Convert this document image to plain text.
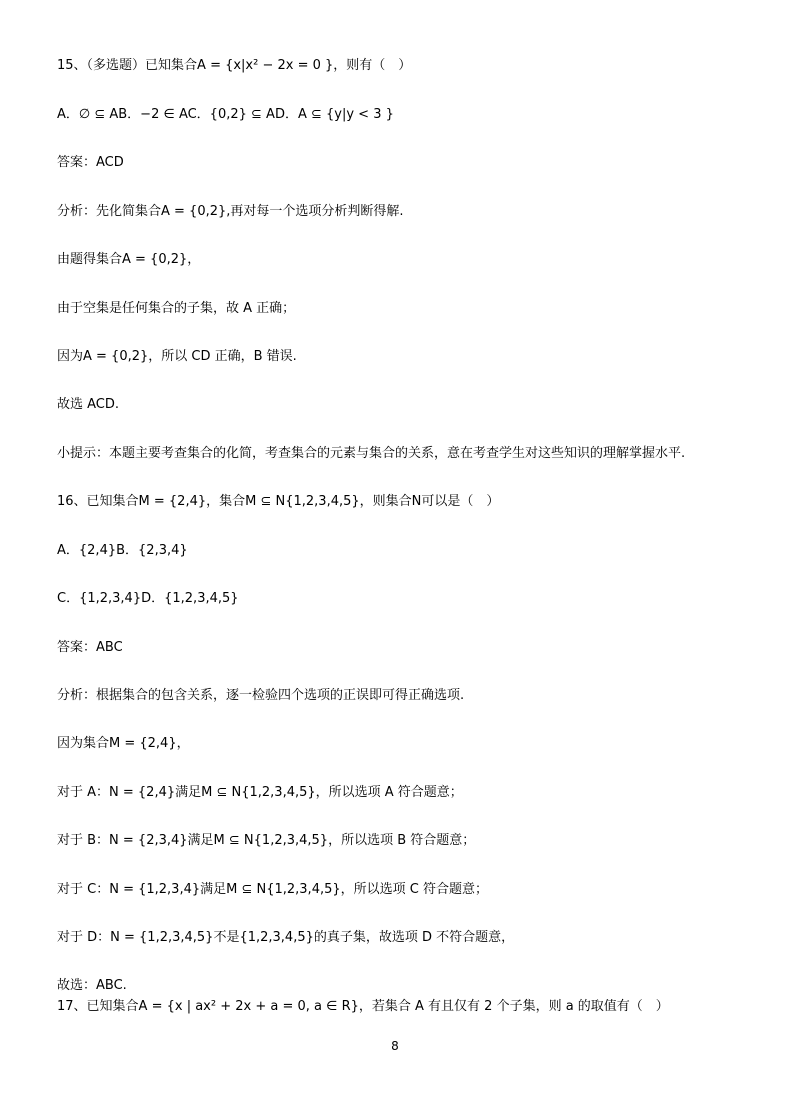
15、（多选题）已知集合A = {x|x² − 2x = 0 }，则有（　）
A．∅ ⊆ AB．−2 ∈ AC．{0,2} ⊆ AD．A ⊆ {y|y < 3 }
答案：ACD
分析：先化简集合A = {0,2},再对每一个选项分析判断得解.
由题得集合A = {0,2}，
由于空集是任何集合的子集，故 A 正确；
因为A = {0,2}，所以 CD 正确，B 错误.
故选 ACD.
小提示：本题主要考查集合的化简，考查集合的元素与集合的关系，意在考查学生对这些知识的理解掌握水平.
16、已知集合M = {2,4}，集合M ⊆ N{1,2,3,4,5}，则集合N可以是（　）
A．{2,4}B．{2,3,4}
C．{1,2,3,4}D．{1,2,3,4,5}
答案：ABC
分析：根据集合的包含关系，逐一检验四个选项的正误即可得正确选项.
因为集合M = {2,4}，
对于 A：N = {2,4}满足M ⊆ N{1,2,3,4,5}，所以选项 A 符合题意；
对于 B：N = {2,3,4}满足M ⊆ N{1,2,3,4,5}，所以选项 B 符合题意；
对于 C：N = {1,2,3,4}满足M ⊆ N{1,2,3,4,5}，所以选项 C 符合题意；
对于 D：N = {1,2,3,4,5}不是{1,2,3,4,5}的真子集，故选项 D 不符合题意，
故选：ABC.
17、已知集合A = {x | ax² + 2x + a = 0, a ∈ R}，若集合 A 有且仅有 2 个子集，则 a 的取值有（　）
8
